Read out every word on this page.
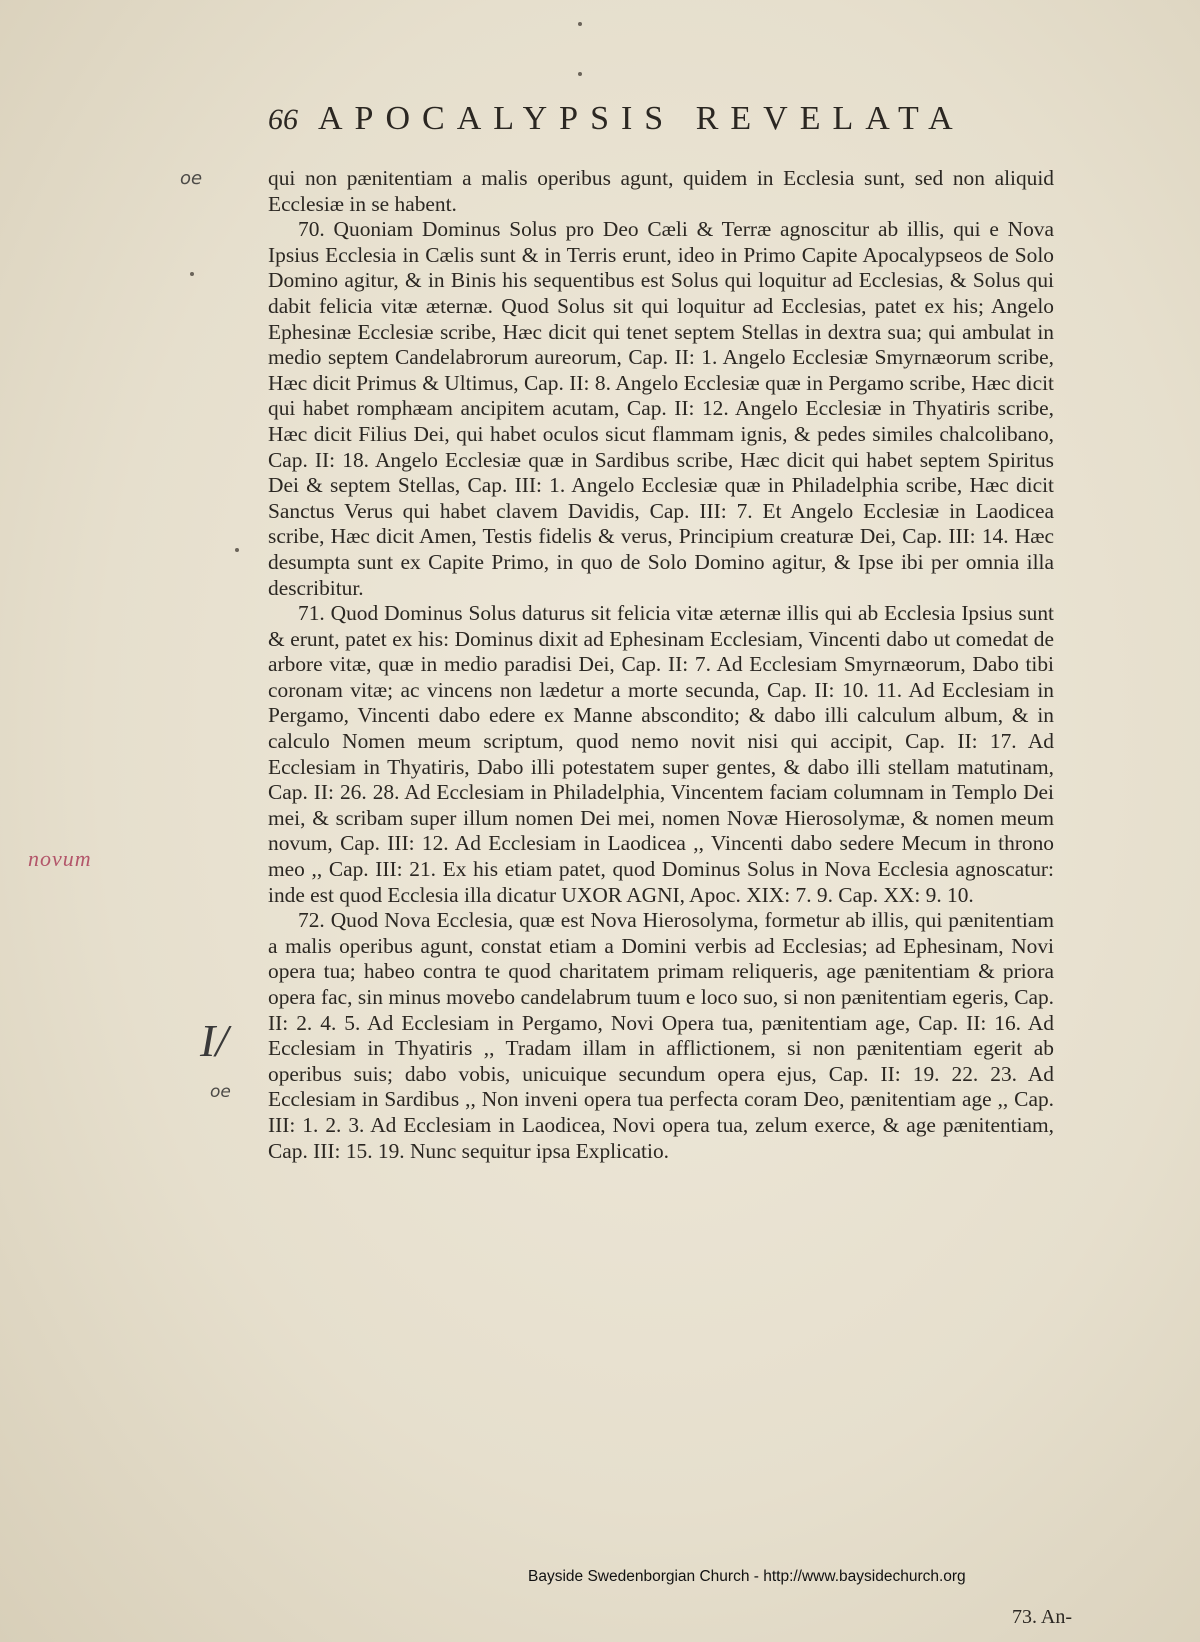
66 APOCALYPSIS REVELATA

qui non pænitentiam a malis operibus agunt, quidem in Ecclesia sunt, sed non aliquid Ecclesiæ in se habent.

70. Quoniam Dominus Solus pro Deo Cæli & Terræ agnoscitur ab illis, qui e Nova Ipsius Ecclesia in Cælis sunt & in Terris erunt, ideo in Primo Capite Apocalypseos de Solo Domino agitur, & in Binis his sequentibus est Solus qui loquitur ad Ecclesias, & Solus qui dabit felicia vitæ æternæ. Quod Solus sit qui loquitur ad Ecclesias, patet ex his; Angelo Ephesinæ Ecclesiæ scribe, Hæc dicit qui tenet septem Stellas in dextra sua; qui ambulat in medio septem Candelabrorum aureorum, Cap. II: 1. Angelo Ecclesiæ Smyrnæorum scribe, Hæc dicit Primus & Ultimus, Cap. II: 8. Angelo Ecclesiæ quæ in Pergamo scribe, Hæc dicit qui habet romphæam ancipitem acutam, Cap. II: 12. Angelo Ecclesiæ in Thyatiris scribe, Hæc dicit Filius Dei, qui habet oculos sicut flammam ignis, & pedes similes chalcolibano, Cap. II: 18. Angelo Ecclesiæ quæ in Sardibus scribe, Hæc dicit qui habet septem Spiritus Dei & septem Stellas, Cap. III: 1. Angelo Ecclesiæ quæ in Philadelphia scribe, Hæc dicit Sanctus Verus qui habet clavem Davidis, Cap. III: 7. Et Angelo Ecclesiæ in Laodicea scribe, Hæc dicit Amen, Testis fidelis & verus, Principium creaturæ Dei, Cap. III: 14. Hæc desumpta sunt ex Capite Primo, in quo de Solo Domino agitur, & Ipse ibi per omnia illa describitur.

71. Quod Dominus Solus daturus sit felicia vitæ æternæ illis qui ab Ecclesia Ipsius sunt & erunt, patet ex his: Dominus dixit ad Ephesinam Ecclesiam, Vincenti dabo ut comedat de arbore vitæ, quæ in medio paradisi Dei, Cap. II: 7. Ad Ecclesiam Smyrnæorum, Dabo tibi coronam vitæ; ac vincens non lædetur a morte secunda, Cap. II: 10. 11. Ad Ecclesiam in Pergamo, Vincenti dabo edere ex Manne abscondito; & dabo illi calculum album, & in calculo Nomen meum scriptum, quod nemo novit nisi qui accipit, Cap. II: 17. Ad Ecclesiam in Thyatiris, Dabo illi potestatem super gentes, & dabo illi stellam matutinam, Cap. II: 26. 28. Ad Ecclesiam in Philadelphia, Vincentem faciam columnam in Templo Dei mei, & scribam super illum nomen Dei mei, nomen Novæ Hierosolymæ, & nomen meum novum, Cap. III: 12. Ad Ecclesiam in Laodicea ,, Vincenti dabo sedere Mecum in throno meo ,, Cap. III: 21. Ex his etiam patet, quod Dominus Solus in Nova Ecclesia agnoscatur: inde est quod Ecclesia illa dicatur UXOR AGNI, Apoc. XIX: 7. 9. Cap. XX: 9. 10.

72. Quod Nova Ecclesia, quæ est Nova Hierosolyma, formetur ab illis, qui pænitentiam a malis operibus agunt, constat etiam a Domini verbis ad Ecclesias; ad Ephesinam, Novi opera tua; habeo contra te quod charitatem primam reliqueris, age pænitentiam & priora opera fac, sin minus movebo candelabrum tuum e loco suo, si non pænitentiam egeris, Cap. II: 2. 4. 5. Ad Ecclesiam in Pergamo, Novi Opera tua, pænitentiam age, Cap. II: 16. Ad Ecclesiam in Thyatiris ,, Tradam illam in afflictionem, si non pænitentiam egerit ab operibus suis; dabo vobis, unicuique secundum opera ejus, Cap. II: 19. 22. 23. Ad Ecclesiam in Sardibus ,, Non inveni opera tua perfecta coram Deo, pænitentiam age ,, Cap. III: 1. 2. 3. Ad Ecclesiam in Laodicea, Novi opera tua, zelum exerce, & age pænitentiam, Cap. III: 15. 19. Nunc sequitur ipsa Explicatio.

73. An-
oe
novum
I/
oe
Bayside Swedenborgian Church - http://www.baysidechurch.org
